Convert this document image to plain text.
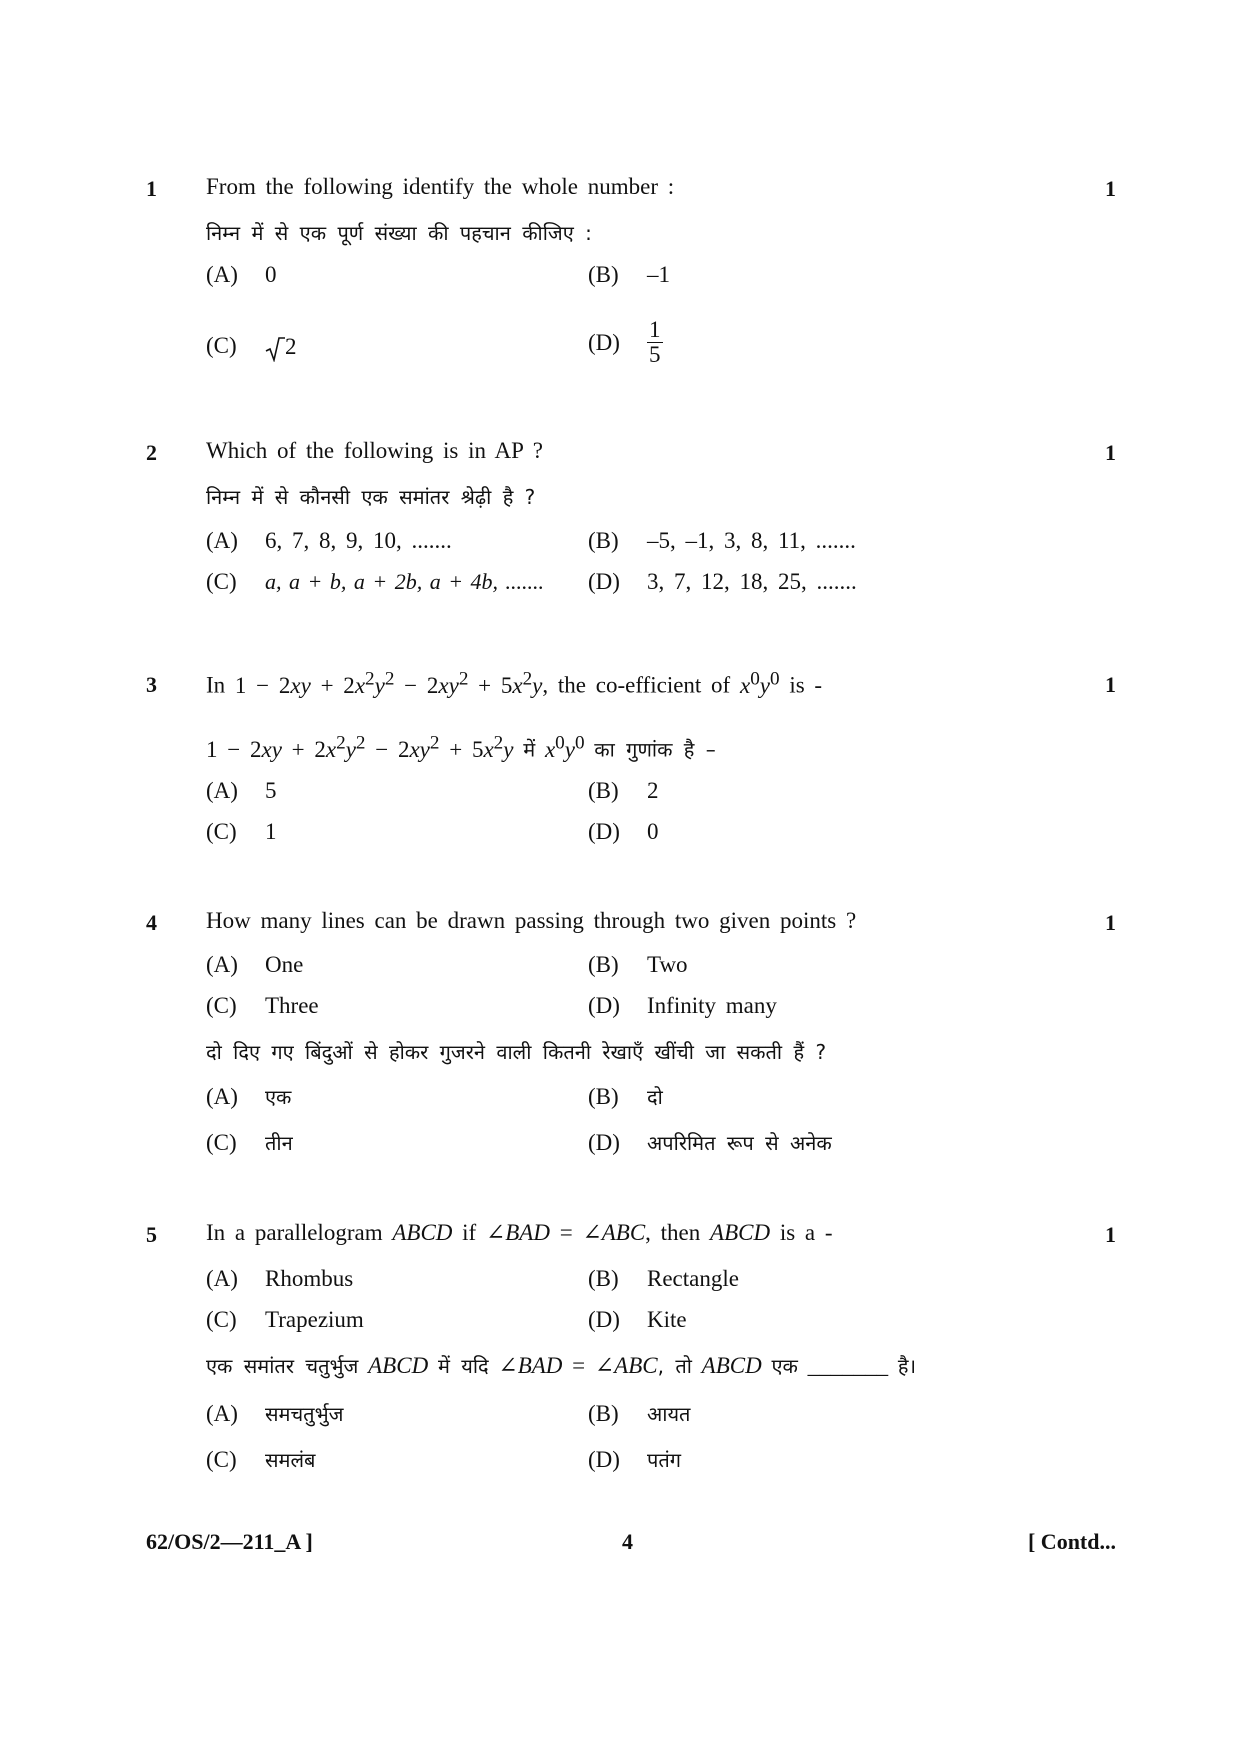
1	1
From the following identify the whole number :
निम्न में से एक पूर्ण संख्या की पहचान कीजिए :
(A) 0	(B) –1
(C) 2	$(D) \frac{1}{5}$
2	1
Which of the following is in AP ?
निम्न में से कौनसी एक समांतर श्रेढ़ी है ?
(A) 6, 7, 8, 9, 10, .......	(B) –5, –1, 3, 8, 11, .......
(C) a, a + b, a + 2b, a + 4b, ....... (D) 3, 7, 12, 18, 25, .......
3	1
In $1 - 2xy + 2x^2y^2 - 2xy^2 + 5x^2y$, the co-efficient of $x^0y^0$ is -
$1 - 2xy + 2x^2y^2 - 2xy^2 + 5x^2y$ में $x^0y^0$ का गुणांक है –
(A) 5	(B) 2
(C) 1	(D) 0
4	1
How many lines can be drawn passing through two given points ?
(A) One	(B) Two
(C) Three	(D) Infinity many
दो दिए गए बिंदुओं से होकर गुजरने वाली कितनी रेखाएँ खींची जा सकती हैं ?
(A) एक	(B) दो
(C) तीन	(D) अपरिमित रूप से अनेक
5	1
In a parallelogram ABCD if ∠BAD = ∠ABC, then ABCD is a -
(A) Rhombus	(B) Rectangle
(C) Trapezium	(D) Kite
एक समांतर चतुर्भुज ABCD में यदि ∠BAD = ∠ABC, तो ABCD एक _______ है।
(A) समचतुर्भुज	(B) आयत
(C) समलंब	(D) पतंग
62/OS/2—211_A ]	4	[ Contd...
